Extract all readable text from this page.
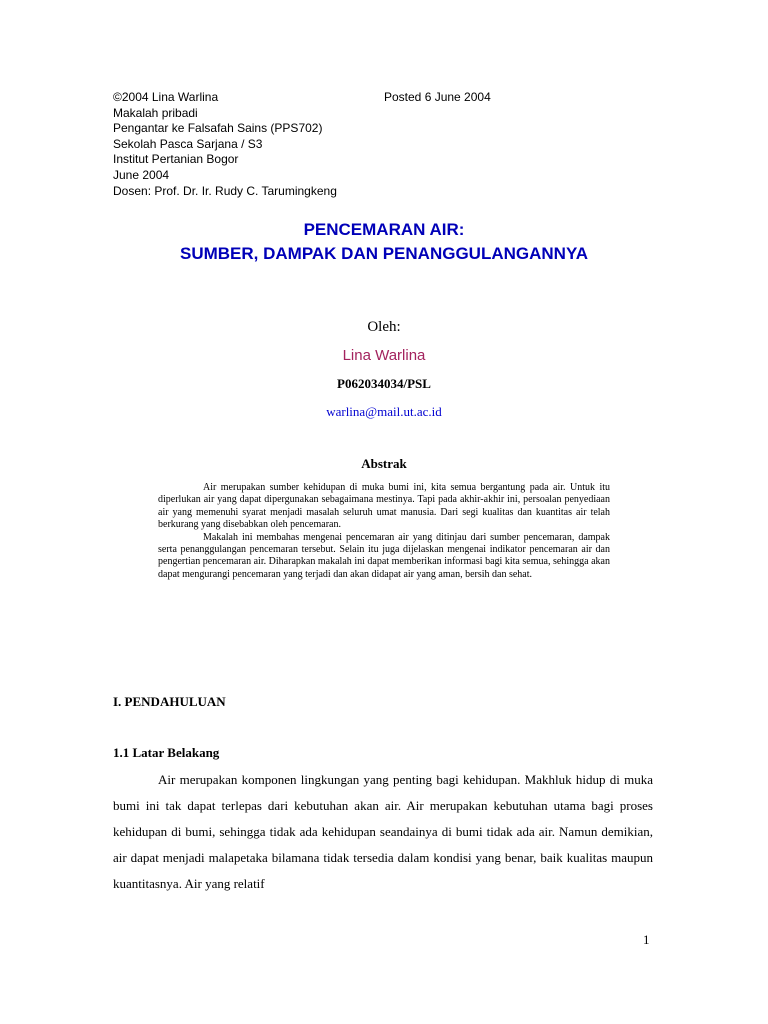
©2004 Lina Warlina	Posted 6 June 2004
Makalah pribadi
Pengantar ke Falsafah Sains (PPS702)
Sekolah Pasca Sarjana / S3
Institut Pertanian Bogor
June 2004
Dosen: Prof. Dr. Ir. Rudy C. Tarumingkeng
PENCEMARAN AIR:
SUMBER, DAMPAK DAN PENANGGULANGANNYA
Oleh:
Lina Warlina
P062034034/PSL
warlina@mail.ut.ac.id
Abstrak

Air merupakan sumber kehidupan di muka bumi ini, kita semua bergantung pada air. Untuk itu diperlukan air yang dapat dipergunakan sebagaimana mestinya. Tapi pada akhir-akhir ini, persoalan penyediaan air yang memenuhi syarat menjadi masalah seluruh umat manusia. Dari segi kualitas dan kuantitas air telah berkurang yang disebabkan oleh pencemaran.

Makalah ini membahas mengenai pencemaran air yang ditinjau dari sumber pencemaran, dampak serta penanggulangan pencemaran tersebut. Selain itu juga dijelaskan mengenai indikator pencemaran air dan pengertian pencemaran air. Diharapkan makalah ini dapat memberikan informasi bagi kita semua, sehingga akan dapat mengurangi pencemaran yang terjadi dan akan didapat air yang aman, bersih dan sehat.

I. PENDAHULUAN
1.1 Latar Belakang

Air merupakan komponen lingkungan yang penting bagi kehidupan. Makhluk hidup di muka bumi ini tak dapat terlepas dari kebutuhan akan air. Air merupakan kebutuhan utama bagi proses kehidupan di bumi, sehingga tidak ada kehidupan seandainya di bumi tidak ada air. Namun demikian, air dapat menjadi malapetaka bilamana tidak tersedia dalam kondisi yang benar, baik kualitas maupun kuantitasnya. Air yang relatif

1
